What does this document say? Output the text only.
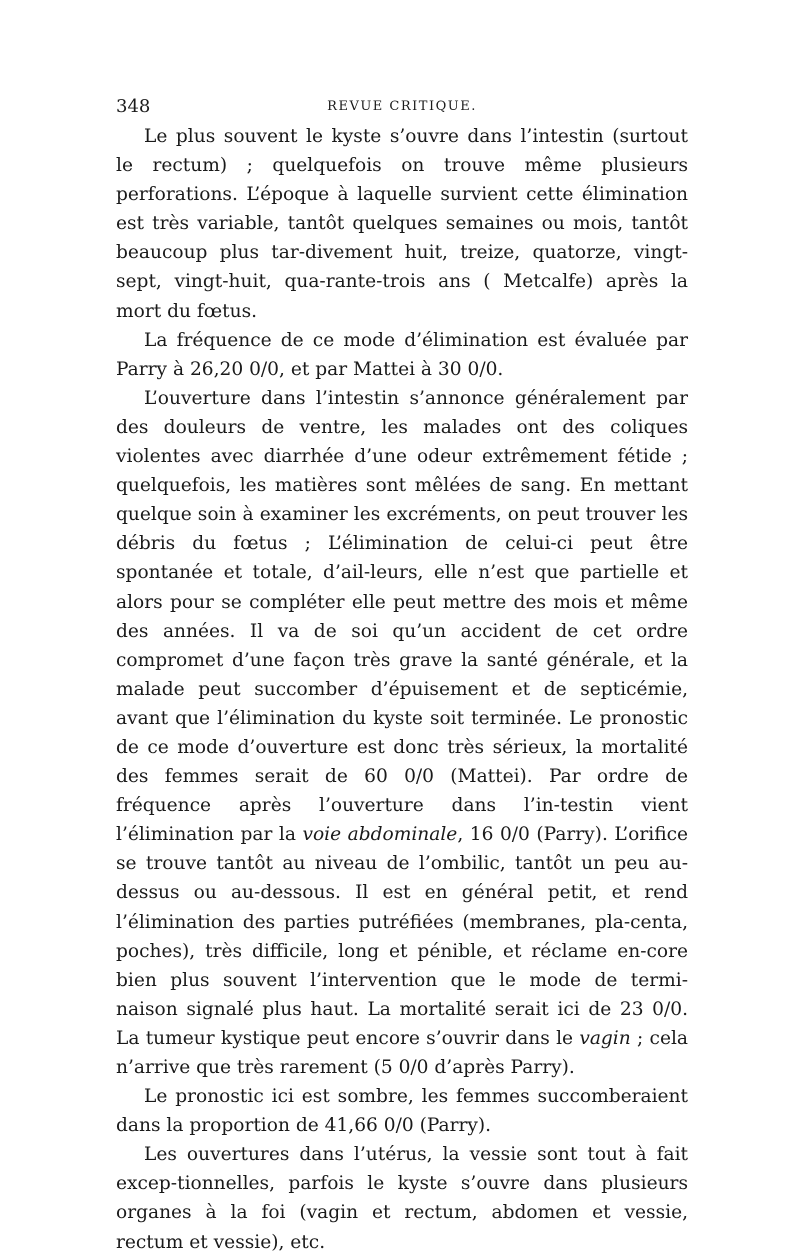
348	REVUE CRITIQUE.

Le plus souvent le kyste s’ouvre dans l’intestin (surtout le rectum) ; quelquefois on trouve même plusieurs perforations. L’époque à laquelle survient cette élimination est très variable, tantôt quelques semaines ou mois, tantôt beaucoup plus tar-divement huit, treize, quatorze, vingt-sept, vingt-huit, qua-rante-trois ans ( Metcalfe) après la mort du fœtus.

La fréquence de ce mode d’élimination est évaluée par Parry à 26,20 0/0, et par Mattei à 30 0/0.

L’ouverture dans l’intestin s’annonce généralement par des douleurs de ventre, les malades ont des coliques violentes avec diarrhée d’une odeur extrêmement fétide ; quelquefois, les matières sont mêlées de sang. En mettant quelque soin à examiner les excréments, on peut trouver les débris du fœtus ; L’élimination de celui-ci peut être spontanée et totale, d’ail-leurs, elle n’est que partielle et alors pour se compléter elle peut mettre des mois et même des années. Il va de soi qu’un accident de cet ordre compromet d’une façon très grave la santé générale, et la malade peut succomber d’épuisement et de septicémie, avant que l’élimination du kyste soit terminée. Le pronostic de ce mode d’ouverture est donc très sérieux, la mortalité des femmes serait de 60 0/0 (Mattei). Par ordre de fréquence après l’ouverture dans l’in-testin vient l’élimination par la voie abdominale, 16 0/0 (Parry). L’orifice se trouve tantôt au niveau de l’ombilic, tantôt un peu au-dessus ou au-dessous. Il est en général petit, et rend l’élimination des parties putréfiées (membranes, pla-centa, poches), très difficile, long et pénible, et réclame en-core bien plus souvent l’intervention que le mode de termi-naison signalé plus haut. La mortalité serait ici de 23 0/0. La tumeur kystique peut encore s’ouvrir dans le vagin ; cela n’arrive que très rarement (5 0/0 d’après Parry).

Le pronostic ici est sombre, les femmes succomberaient dans la proportion de 41,66 0/0 (Parry).

Les ouvertures dans l’utérus, la vessie sont tout à fait excep-tionnelles, parfois le kyste s’ouvre dans plusieurs organes à la foi (vagin et rectum, abdomen et vessie, rectum et vessie), etc.
